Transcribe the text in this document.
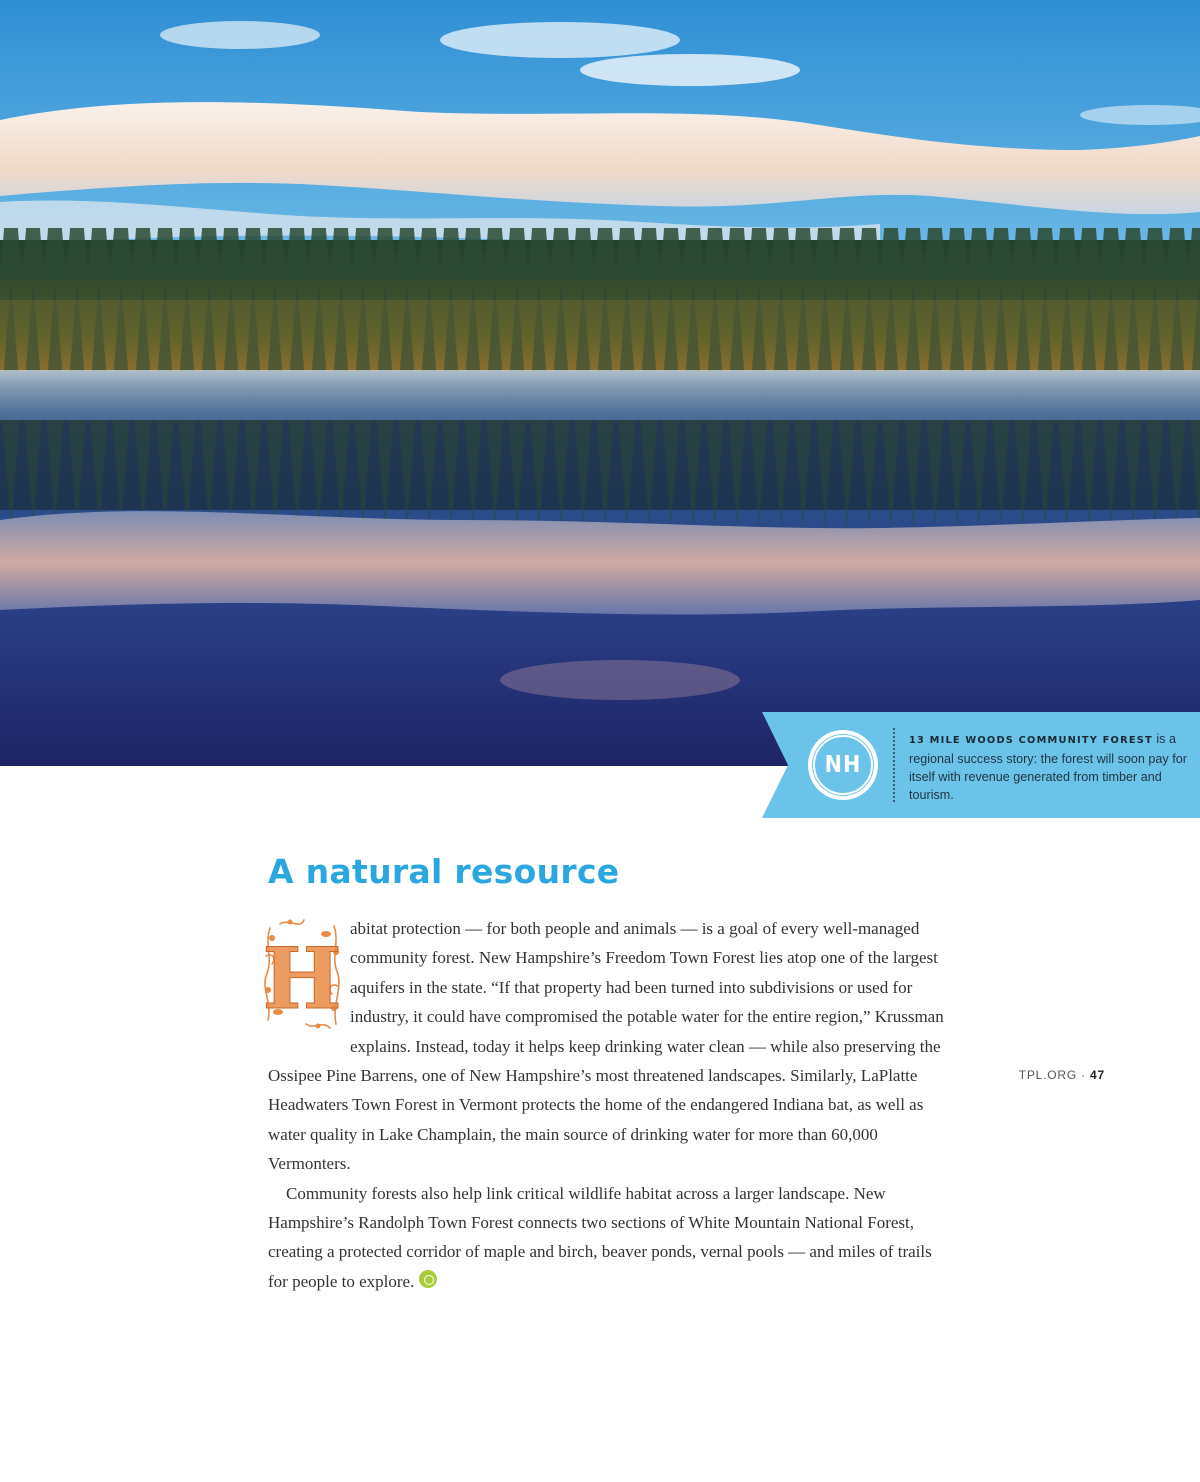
NH
13 MILE WOODS COMMUNITY FOREST is a regional success story: the forest will soon pay for itself with revenue generated from timber and tourism.
A natural resource

H
abitat protection — for both people and animals — is a goal of every well-managed community forest. New Hampshire’s Freedom Town Forest lies atop one of the largest aquifers in the state. “If that property had been turned into subdivisions or used for industry, it could have compromised the potable water for the entire region,” Krussman explains. Instead, today it helps keep drinking water clean — while also preserving the Ossipee Pine Barrens, one of New Hampshire’s most threatened landscapes. Similarly, LaPlatte Headwaters Town Forest in Vermont protects the home of the endangered Indiana bat, as well as water quality in Lake Champlain, the main source of drinking water for more than 60,000 Vermonters.

Community forests also help link critical wildlife habitat across a larger landscape. New Hampshire’s Randolph Town Forest connects two sections of White Mountain National Forest, creating a protected corridor of maple and birch, beaver ponds, vernal pools — and miles of trails for people to explore.

TPL.ORG · 47
